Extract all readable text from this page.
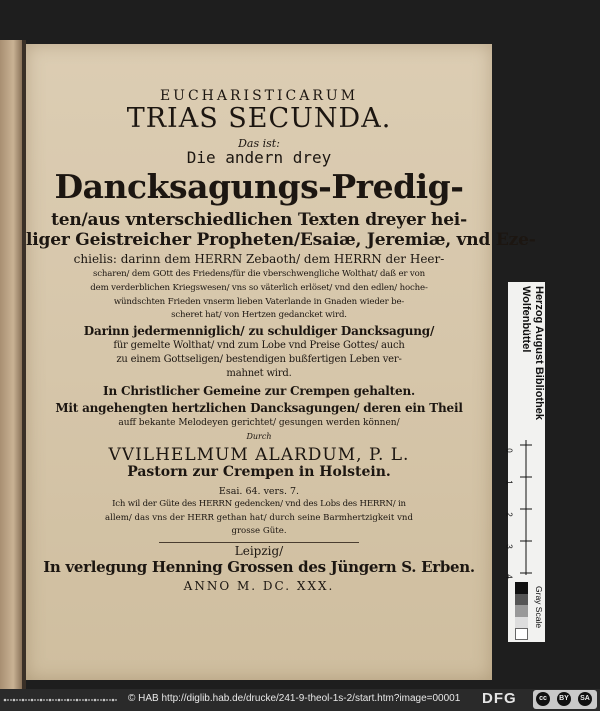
EUCHARISTICARUM
TRIAS SECUNDA.
Das ist:
Die andern drey
Dancksagungs-Predig-
ten/aus vnterschiedlichen Texten dreyer hei-
liger Geistreicher Propheten/Esaiæ, Jeremiæ, vnd Eze-
chielis: darinn dem HERRN Zebaoth/ dem HERRN der Heer-
scharen/ dem GOtt des Friedens/für die vberschwengliche Wolthat/ daß er von
dem verderblichen Kriegswesen/ vns so väterlich erlöset/ vnd den edlen/ hoche-
wündschten Frieden vnserm lieben Vaterlande in Gnaden wieder be-
scheret hat/ von Hertzen gedancket wird.
Darinn jedermenniglich/ zu schuldiger Dancksagung/
für gemelte Wolthat/ vnd zum Lobe vnd Preise Gottes/ auch
zu einem Gottseligen/ bestendigen bußfertigen Leben ver-
mahnet wird.
In Christlicher Gemeine zur Crempen gehalten.
Mit angehengten hertzlichen Dancksagungen/ deren ein Theil
auff bekante Melodeyen gerichtet/ gesungen werden können/
Durch
VVILHELMUM ALARDUM, P. L.
Pastorn zur Crempen in Holstein.
Esai. 64. vers. 7.
Ich wil der Güte des HERRN gedencken/ vnd des Lobs des HERRN/ in
allem/ das vns der HERR gethan hat/ durch seine Barmhertzigkeit vnd
grosse Güte.
Leipzig/
In verlegung Henning Grossen des Jüngern S. Erben.
ANNO M. DC. XXX.
Herzog August Bibliothek
Wolfenbüttel
0
1
2
3
4
Gray Scale
© HAB http://diglib.hab.de/drucke/241-9-theol-1s-2/start.htm?image=00001 DFG	cc	BY	SA
